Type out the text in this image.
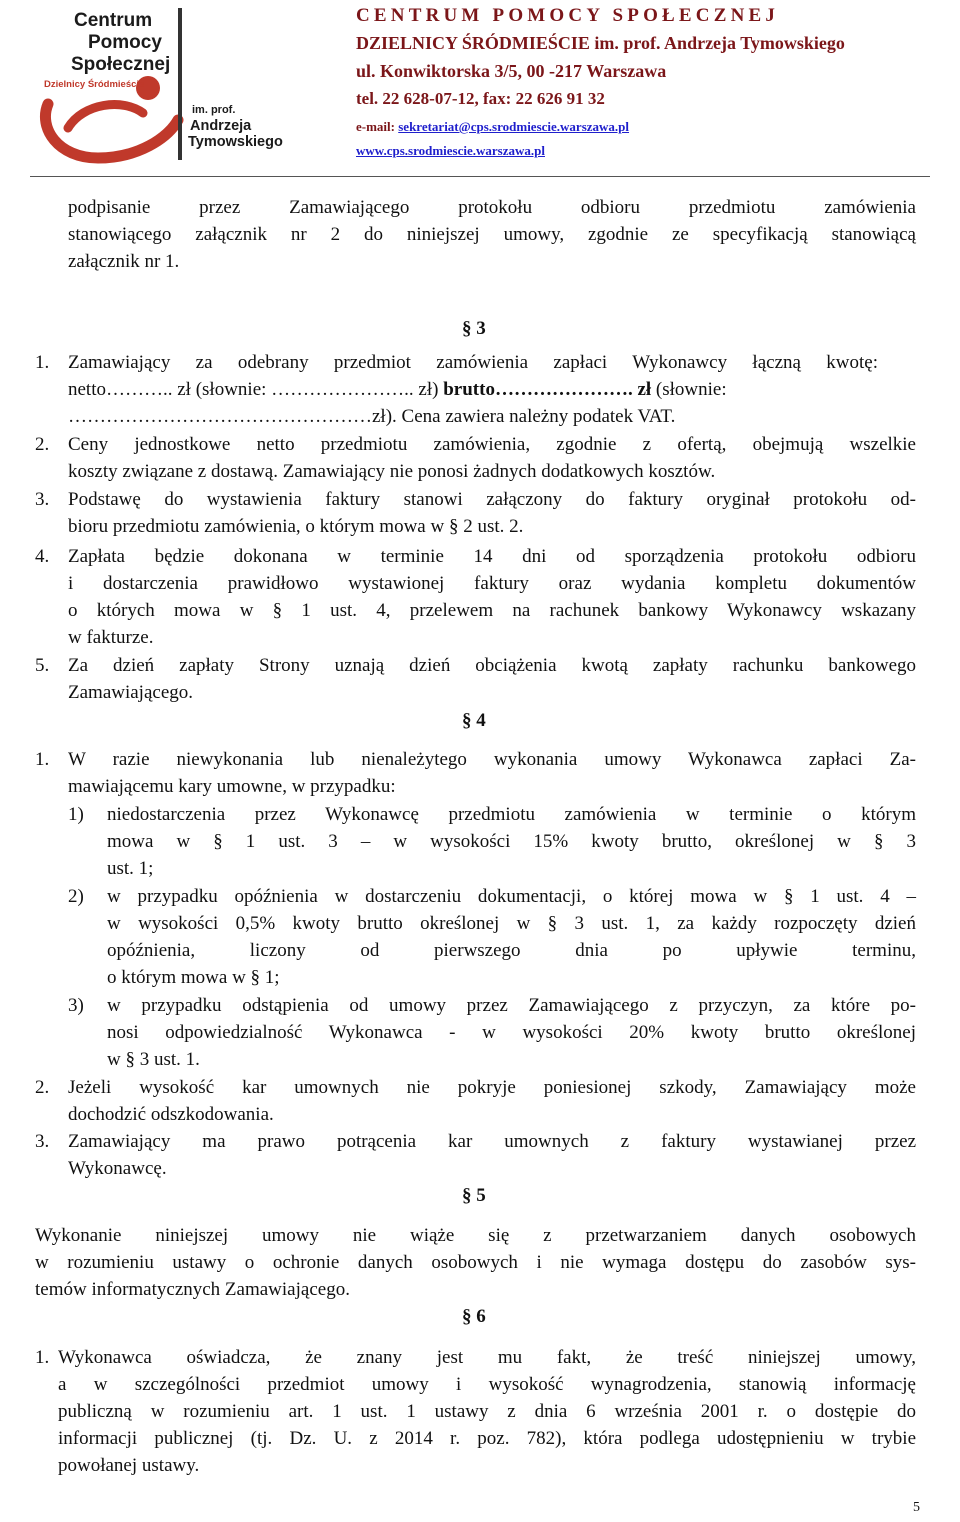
Centrum
Pomocy
Społecznej
Dzielnicy Śródmieście
im. prof.
Andrzeja
Tymowskiego
CENTRUM POMOCY SPOŁECZNEJ
DZIELNICY ŚRÓDMIEŚCIE im. prof. Andrzeja Tymowskiego
ul. Konwiktorska 3/5, 00 -217 Warszawa
tel. 22 628-07-12, fax: 22 626 91 32
e-mail: sekretariat@cps.srodmiescie.warszawa.pl
www.cps.srodmiescie.warszawa.pl
podpisanie przez Zamawiającego protokołu odbioru przedmiotu zamówienia
stanowiącego załącznik nr 2 do niniejszej umowy, zgodnie ze specyfikacją stanowiącą
załącznik nr 1.
§ 3
1. Zamawiający za odebrany przedmiot zamówienia zapłaci Wykonawcy łączną kwotę:
netto……….. zł (słownie: ………………….. zł) brutto…………………. zł (słownie:
…………………………………………zł). Cena zawiera należny podatek VAT.
2. Ceny jednostkowe netto przedmiotu zamówienia, zgodnie z ofertą, obejmują wszelkie
koszty związane z dostawą. Zamawiający nie ponosi żadnych dodatkowych kosztów.
3. Podstawę do wystawienia faktury stanowi załączony do faktury oryginał protokołu od-
bioru przedmiotu zamówienia, o którym mowa w § 2 ust. 2.
4. Zapłata będzie dokonana w terminie 14 dni od sporządzenia protokołu odbioru
i dostarczenia prawidłowo wystawionej faktury oraz wydania kompletu dokumentów
o których mowa w § 1 ust. 4, przelewem na rachunek bankowy Wykonawcy wskazany
w fakturze.
5. Za dzień zapłaty Strony uznają dzień obciążenia kwotą zapłaty rachunku bankowego
Zamawiającego.
§ 4
1. W razie niewykonania lub nienależytego wykonania umowy Wykonawca zapłaci Za-
mawiającemu kary umowne, w przypadku:
1) niedostarczenia przez Wykonawcę przedmiotu zamówienia w terminie o którym
mowa w § 1 ust. 3 – w wysokości 15% kwoty brutto, określonej w § 3
ust. 1;
2) w przypadku opóźnienia w dostarczeniu dokumentacji, o której mowa w § 1 ust. 4 –
w wysokości 0,5% kwoty brutto określonej w § 3 ust. 1, za każdy rozpoczęty dzień
opóźnienia, liczony od pierwszego dnia po upływie terminu,
o którym mowa w § 1;
3) w przypadku odstąpienia od umowy przez Zamawiającego z przyczyn, za które po-
nosi odpowiedzialność Wykonawca - w wysokości 20% kwoty brutto określonej
w § 3 ust. 1.
2. Jeżeli wysokość kar umownych nie pokryje poniesionej szkody, Zamawiający może
dochodzić odszkodowania.
3. Zamawiający ma prawo potrącenia kar umownych z faktury wystawianej przez
Wykonawcę.
§ 5
Wykonanie niniejszej umowy nie wiąże się z przetwarzaniem danych osobowych
w rozumieniu ustawy o ochronie danych osobowych i nie wymaga dostępu do zasobów sys-
temów informatycznych Zamawiającego.
§ 6
1. Wykonawca oświadcza, że znany jest mu fakt, że treść niniejszej umowy,
a w szczególności przedmiot umowy i wysokość wynagrodzenia, stanowią informację
publiczną w rozumieniu art. 1 ust. 1 ustawy z dnia 6 września 2001 r. o dostępie do
informacji publicznej (tj. Dz. U. z 2014 r. poz. 782), która podlega udostępnieniu w trybie
powołanej ustawy.
5
